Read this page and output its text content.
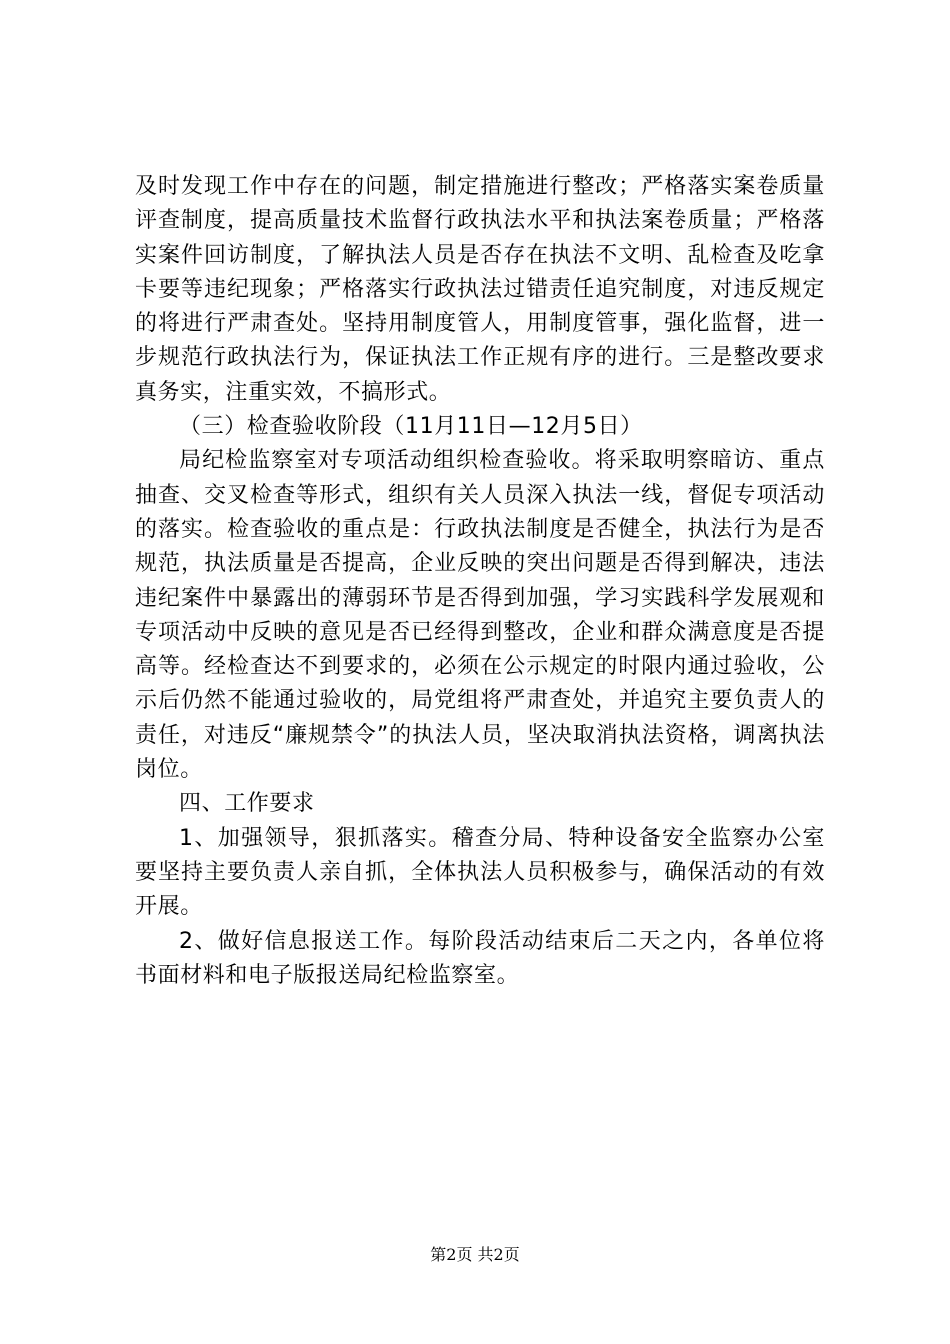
及时发现工作中存在的问题，制定措施进行整改；严格落实案卷质量评查制度，提高质量技术监督行政执法水平和执法案卷质量；严格落实案件回访制度，了解执法人员是否存在执法不文明、乱检查及吃拿卡要等违纪现象；严格落实行政执法过错责任追究制度，对违反规定的将进行严肃查处。坚持用制度管人，用制度管事，强化监督，进一步规范行政执法行为，保证执法工作正规有序的进行。三是整改要求真务实，注重实效，不搞形式。

（三）检查验收阶段（11月11日—12月5日）

局纪检监察室对专项活动组织检查验收。将采取明察暗访、重点抽查、交叉检查等形式，组织有关人员深入执法一线，督促专项活动的落实。检查验收的重点是：行政执法制度是否健全，执法行为是否规范，执法质量是否提高，企业反映的突出问题是否得到解决，违法违纪案件中暴露出的薄弱环节是否得到加强，学习实践科学发展观和专项活动中反映的意见是否已经得到整改，企业和群众满意度是否提高等。经检查达不到要求的，必须在公示规定的时限内通过验收，公示后仍然不能通过验收的，局党组将严肃查处，并追究主要负责人的责任，对违反“廉规禁令”的执法人员，坚决取消执法资格，调离执法岗位。

四、工作要求

1、加强领导，狠抓落实。稽查分局、特种设备安全监察办公室要坚持主要负责人亲自抓，全体执法人员积极参与，确保活动的有效开展。

2、做好信息报送工作。每阶段活动结束后二天之内，各单位将书面材料和电子版报送局纪检监察室。

第2页 共2页
